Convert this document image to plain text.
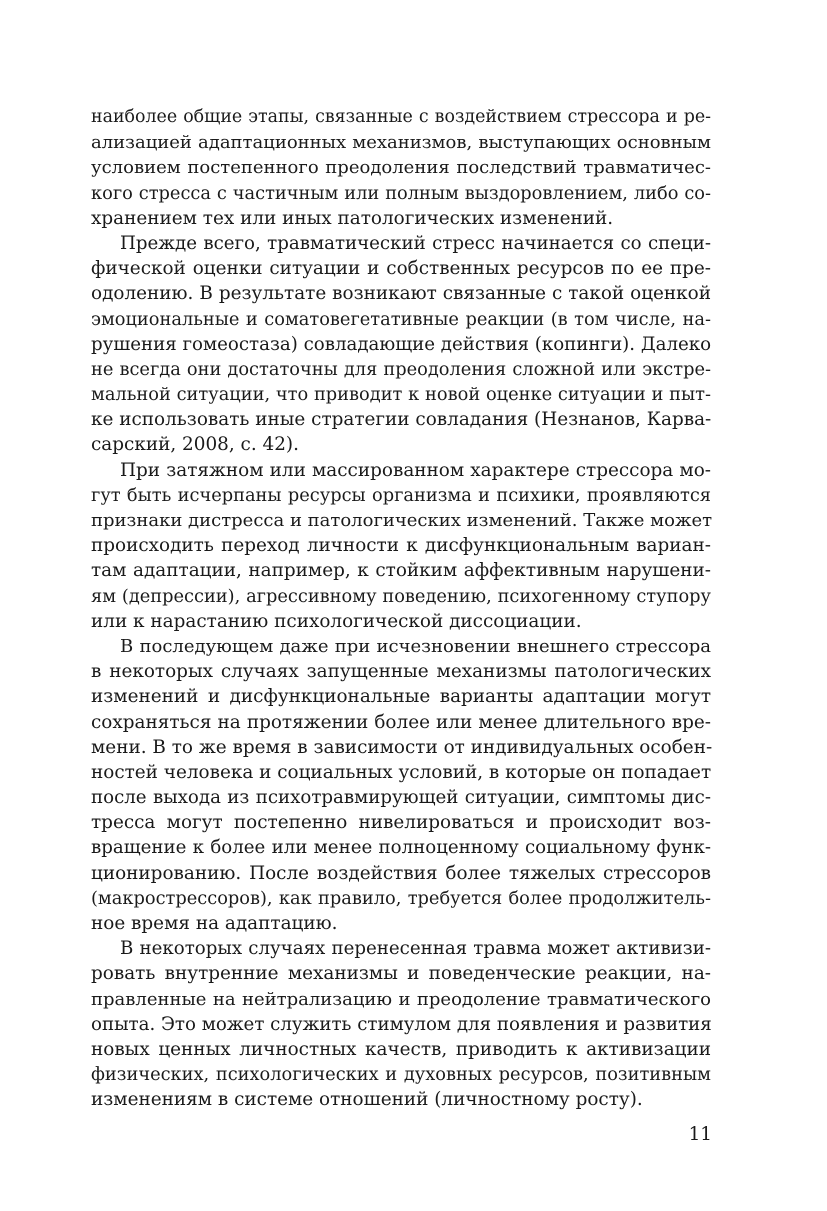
наиболее общие этапы, связанные с воздействием стрессора и ре-
ализацией адаптационных механизмов, выступающих основным
условием постепенного преодоления последствий травматичес-
кого стресса с частичным или полным выздоровлением, либо со-
хранением тех или иных патологических изменений.
Прежде всего, травматический стресс начинается со специ-
фической оценки ситуации и собственных ресурсов по ее пре-
одолению. В результате возникают связанные с такой оценкой
эмоциональные и соматовегетативные реакции (в том числе, на-
рушения гомеостаза) совладающие действия (копинги). Далеко
не всегда они достаточны для преодоления сложной или экстре-
мальной ситуации, что приводит к новой оценке ситуации и пыт-
ке использовать иные стратегии совладания (Незнанов, Карва-
сарский, 2008, с. 42).
При затяжном или массированном характере стрессора мо-
гут быть исчерпаны ресурсы организма и психики, проявляются
признаки дистресса и патологических изменений. Также может
происходить переход личности к дисфункциональным вариан-
там адаптации, например, к стойким аффективным нарушени-
ям (депрессии), агрессивному поведению, психогенному ступору
или к нарастанию психологической диссоциации.
В последующем даже при исчезновении внешнего стрессора
в некоторых случаях запущенные механизмы патологических
изменений и дисфункциональные варианты адаптации могут
сохраняться на протяжении более или менее длительного вре-
мени. В то же время в зависимости от индивидуальных особен-
ностей человека и социальных условий, в которые он попадает
после выхода из психотравмирующей ситуации, симптомы дис-
тресса могут постепенно нивелироваться и происходит воз-
вращение к более или менее полноценному социальному функ-
ционированию. После воздействия более тяжелых стрессоров
(макрострессоров), как правило, требуется более продолжитель-
ное время на адаптацию.
В некоторых случаях перенесенная травма может активизи-
ровать внутренние механизмы и поведенческие реакции, на-
правленные на нейтрализацию и преодоление травматического
опыта. Это может служить стимулом для появления и развития
новых ценных личностных качеств, приводить к активизации
физических, психологических и духовных ресурсов, позитивным
изменениям в системе отношений (личностному росту).
11
